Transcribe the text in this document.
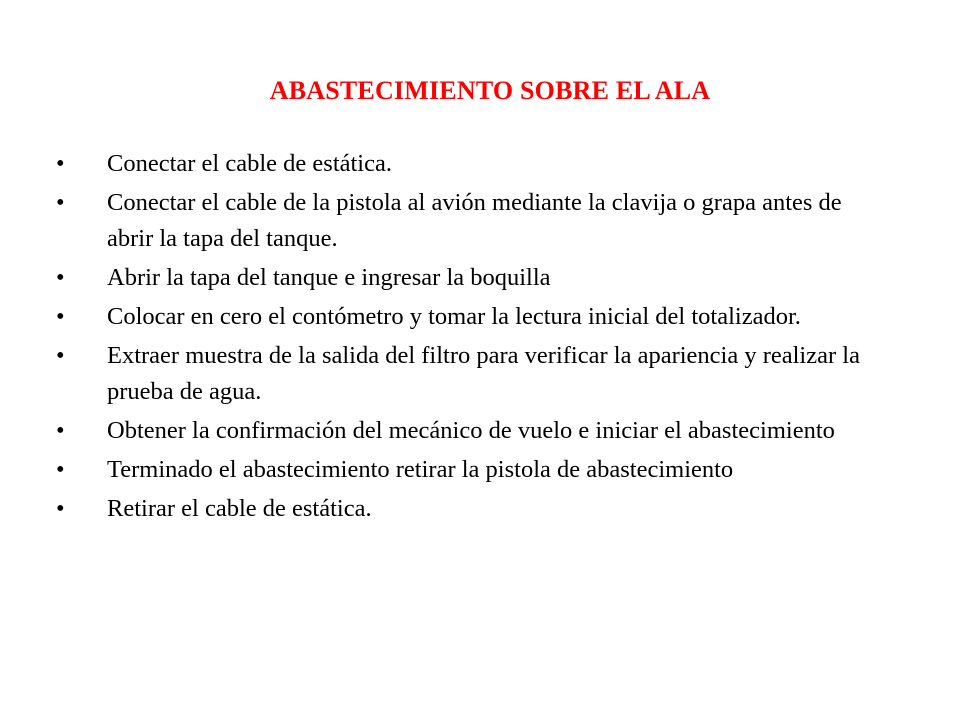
ABASTECIMIENTO SOBRE EL ALA
•	Conectar el cable de estática.
•	Conectar el cable de la pistola al avión mediante la clavija o grapa antes de abrir la tapa del tanque.
•	Abrir la tapa del tanque e ingresar la boquilla
•	Colocar en cero el contómetro y tomar la lectura inicial del totalizador.
•	Extraer muestra de la salida del filtro para verificar la apariencia y realizar la prueba de agua.
•	Obtener la confirmación del mecánico de vuelo e iniciar el abastecimiento
•	Terminado el abastecimiento retirar la pistola de abastecimiento
•	Retirar el cable de estática.
